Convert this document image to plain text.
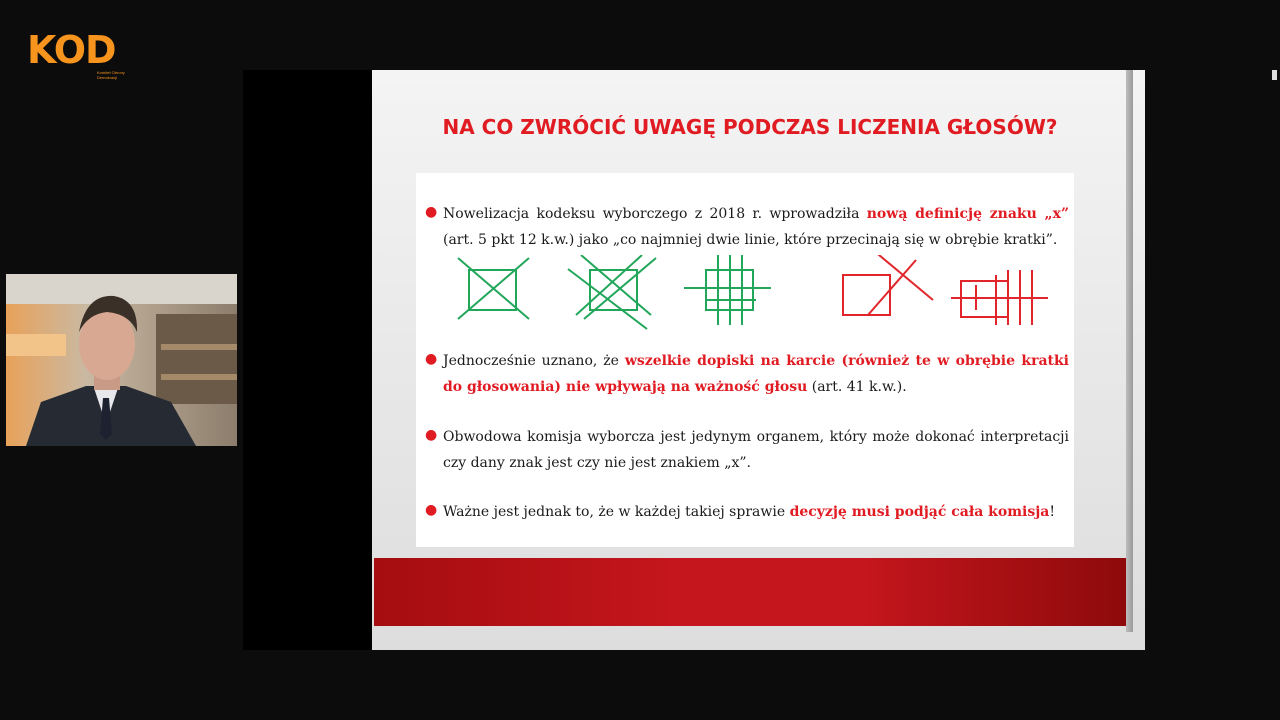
KOD
Komitet Obrony Demokracji
NA CO ZWRÓCIĆ UWAGĘ PODCZAS LICZENIA GŁOSÓW?
● Nowelizacja kodeksu wyborczego z 2018 r. wprowadziła nową definicję znaku „x” (art. 5 pkt 12 k.w.) jako „co najmniej dwie linie, które przecinają się w obrębie kratki”.
● Jednocześnie uznano, że wszelkie dopiski na karcie (również te w obrębie kratki do głosowania) nie wpływają na ważność głosu (art. 41 k.w.).
● Obwodowa komisja wyborcza jest jedynym organem, który może dokonać interpretacji czy dany znak jest czy nie jest znakiem „x”.
● Ważne jest jednak to, że w każdej takiej sprawie decyzję musi podjąć cała komisja!
